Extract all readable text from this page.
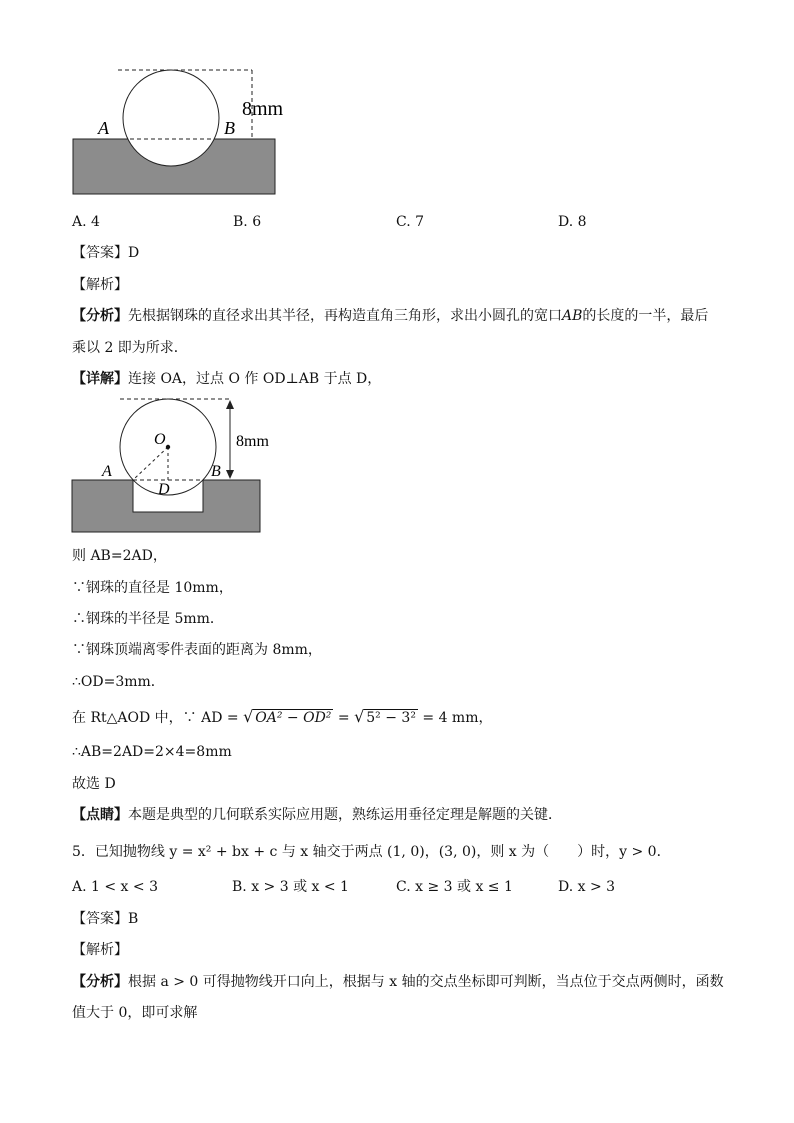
A	B
8mm
A. 4	B. 6	C. 7	D. 8
【答案】D
【解析】
【分析】先根据钢珠的直径求出其半径，再构造直角三角形，求出小圆孔的宽口AB的长度的一半，最后
乘以 2 即为所求．
【详解】连接 OA，过点 O 作 OD⊥AB 于点 D，
O
A	B
D
8mm
则 AB=2AD，
∵钢珠的直径是 10mm，
∴钢珠的半径是 5mm．
∵钢珠顶端离零件表面的距离为 8mm，
∴OD=3mm．
在 Rt△AOD 中，∵ AD = √ OA² − OD² = √ 5² − 3² = 4 mm，
∴AB=2AD=2×4=8mm
故选 D
【点睛】本题是典型的几何联系实际应用题，熟练运用垂径定理是解题的关键．
5．已知抛物线 y = x² + bx + c 与 x 轴交于两点 (1, 0)，(3, 0)，则 x 为（　　）时，y > 0．
A. 1 < x < 3	B. x > 3 或 x < 1	C. x ≥ 3 或 x ≤ 1	D. x > 3
【答案】B
【解析】
【分析】根据 a > 0 可得抛物线开口向上，根据与 x 轴的交点坐标即可判断，当点位于交点两侧时，函数
值大于 0，即可求解
